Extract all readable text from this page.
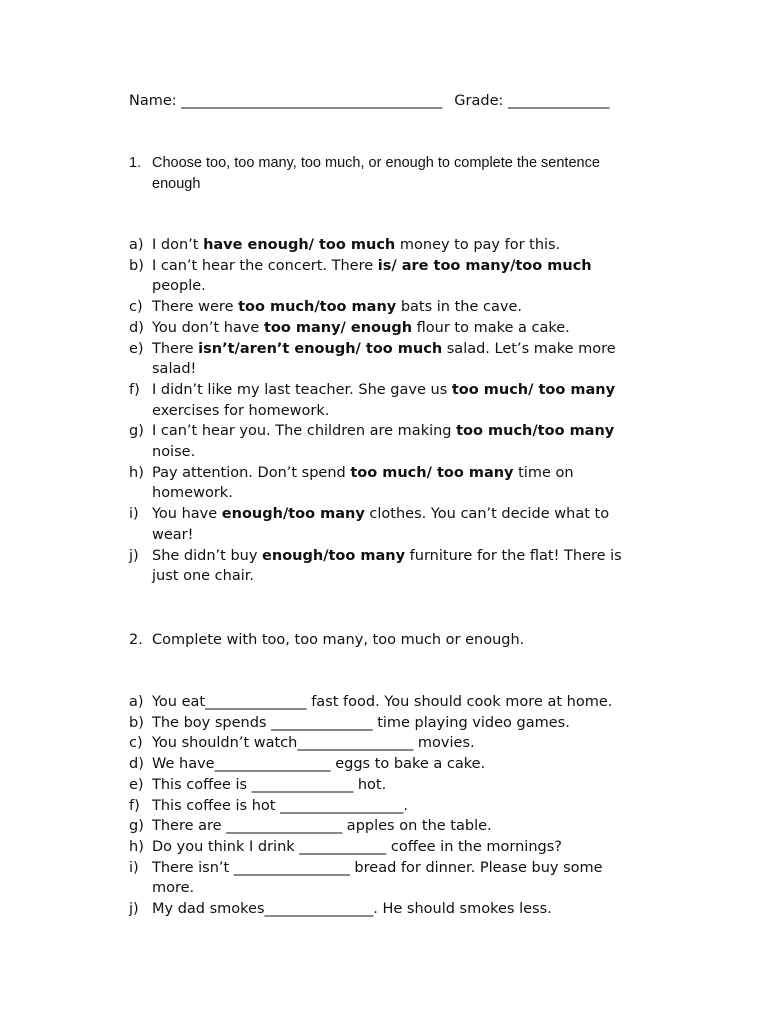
Name: ____________________________________ Grade: ______________
1. Choose too, too many, too much, or enough to complete the sentence enough
a) I don’t have enough/ too much money to pay for this.
b) I can’t hear the concert. There is/ are too many/too much people.
c) There were too much/too many bats in the cave.
d) You don’t have too many/ enough flour to make a cake.
e) There isn’t/aren’t enough/ too much salad. Let’s make more salad!
f) I didn’t like my last teacher. She gave us too much/ too many exercises for homework.
g) I can’t hear you. The children are making too much/too many noise.
h) Pay attention. Don’t spend too much/ too many time on homework.
i) You have enough/too many clothes. You can’t decide what to wear!
j) She didn’t buy enough/too many furniture for the flat! There is just one chair.
2. Complete with too, too many, too much or enough.
a) You eat______________ fast food. You should cook more at home.
b) The boy spends ______________ time playing video games.
c) You shouldn’t watch________________ movies.
d) We have________________ eggs to bake a cake.
e) This coffee is ______________ hot.
f) This coffee is hot _________________.
g) There are ________________ apples on the table.
h) Do you think I drink ____________ coffee in the mornings?
i) There isn’t ________________ bread for dinner. Please buy some more.
j) My dad smokes_______________. He should smokes less.
